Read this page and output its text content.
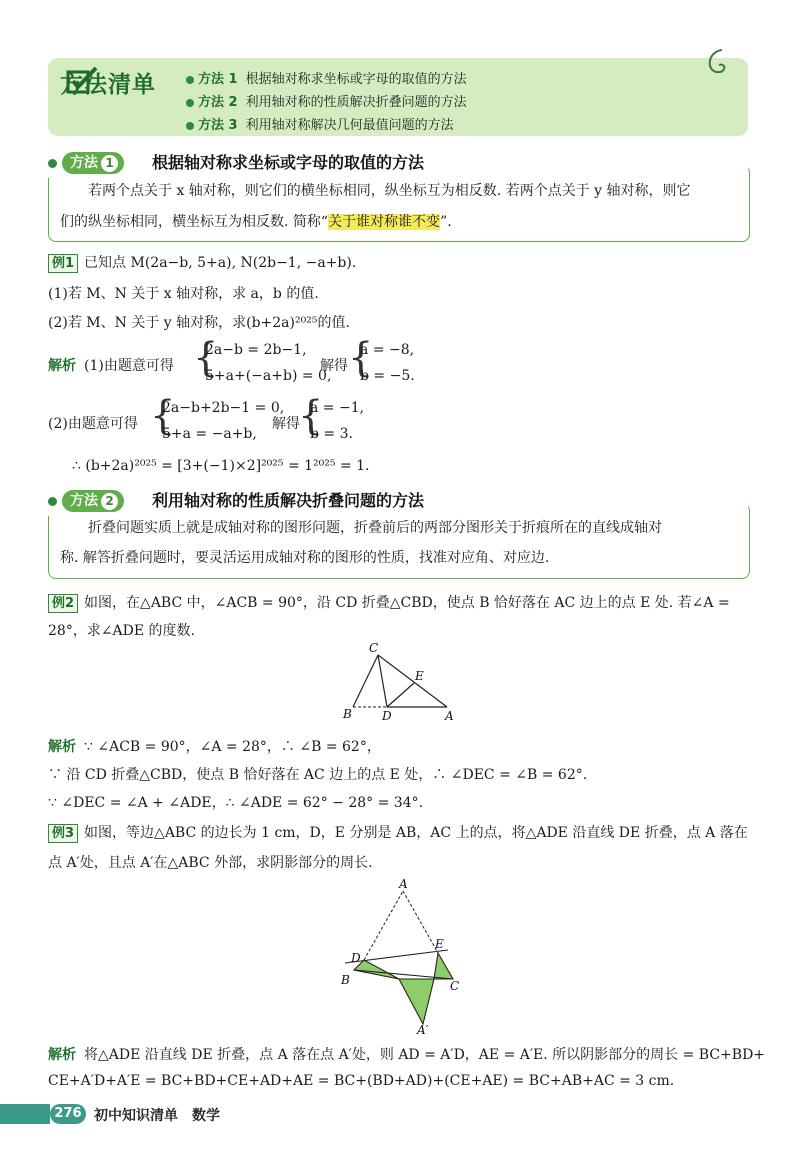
方法清单	方法 1 根据轴对称求坐标或字母的取值的方法
方法 2 利用轴对称的性质解决折叠问题的方法
方法 3 利用轴对称解决几何最值问题的方法
方法 1	根据轴对称求坐标或字母的取值的方法
若两个点关于 x 轴对称，则它们的横坐标相同，纵坐标互为相反数. 若两个点关于 y 轴对称，则它
们的纵坐标相同，横坐标互为相反数. 简称“关于谁对称谁不变”.
例1 已知点 M(2a−b, 5+a), N(2b−1, −a+b).
(1)若 M、N 关于 x 轴对称，求 a，b 的值.
(2)若 M、N 关于 y 轴对称，求(b+2a)²⁰²⁵的值.
解析 (1)由题意可得 {
2a−b = 2b−1,
5+a+(−a+b) = 0,
解得 {
a = −8,
b = −5.
(2)由题意可得 {
2a−b+2b−1 = 0,
5+a = −a+b,
解得
{
a = −1,
b = 3.
∴ (b+2a)²⁰²⁵ = [3+(−1)×2]²⁰²⁵ = 1²⁰²⁵ = 1.
方法 2	利用轴对称的性质解决折叠问题的方法
折叠问题实质上就是成轴对称的图形问题，折叠前后的两部分图形关于折痕所在的直线成轴对
称. 解答折叠问题时，要灵活运用成轴对称的图形的性质，找准对应角、对应边.
例2 如图，在△ABC 中，∠ACB = 90°，沿 CD 折叠△CBD，使点 B 恰好落在 AC 边上的点 E 处. 若∠A =
28°，求∠ADE 的度数.
C
E
B	D	A
解析 ∵ ∠ACB = 90°，∠A = 28°，∴ ∠B = 62°，
∵ 沿 CD 折叠△CBD，使点 B 恰好落在 AC 边上的点 E 处，∴ ∠DEC = ∠B = 62°.
∵ ∠DEC = ∠A + ∠ADE，∴ ∠ADE = 62° − 28° = 34°.
例3 如图，等边△ABC 的边长为 1 cm，D，E 分别是 AB，AC 上的点，将△ADE 沿直线 DE 折叠，点 A 落在
点 A′处，且点 A′在△ABC 外部，求阴影部分的周长.
A
D
E
B	C
A′
解析 将△ADE 沿直线 DE 折叠，点 A 落在点 A′处，则 AD = A′D，AE = A′E. 所以阴影部分的周长 = BC+BD+
CE+A′D+A′E = BC+BD+CE+AD+AE = BC+(BD+AD)+(CE+AE) = BC+AB+AC = 3 cm.
276 初中知识清单 数学
